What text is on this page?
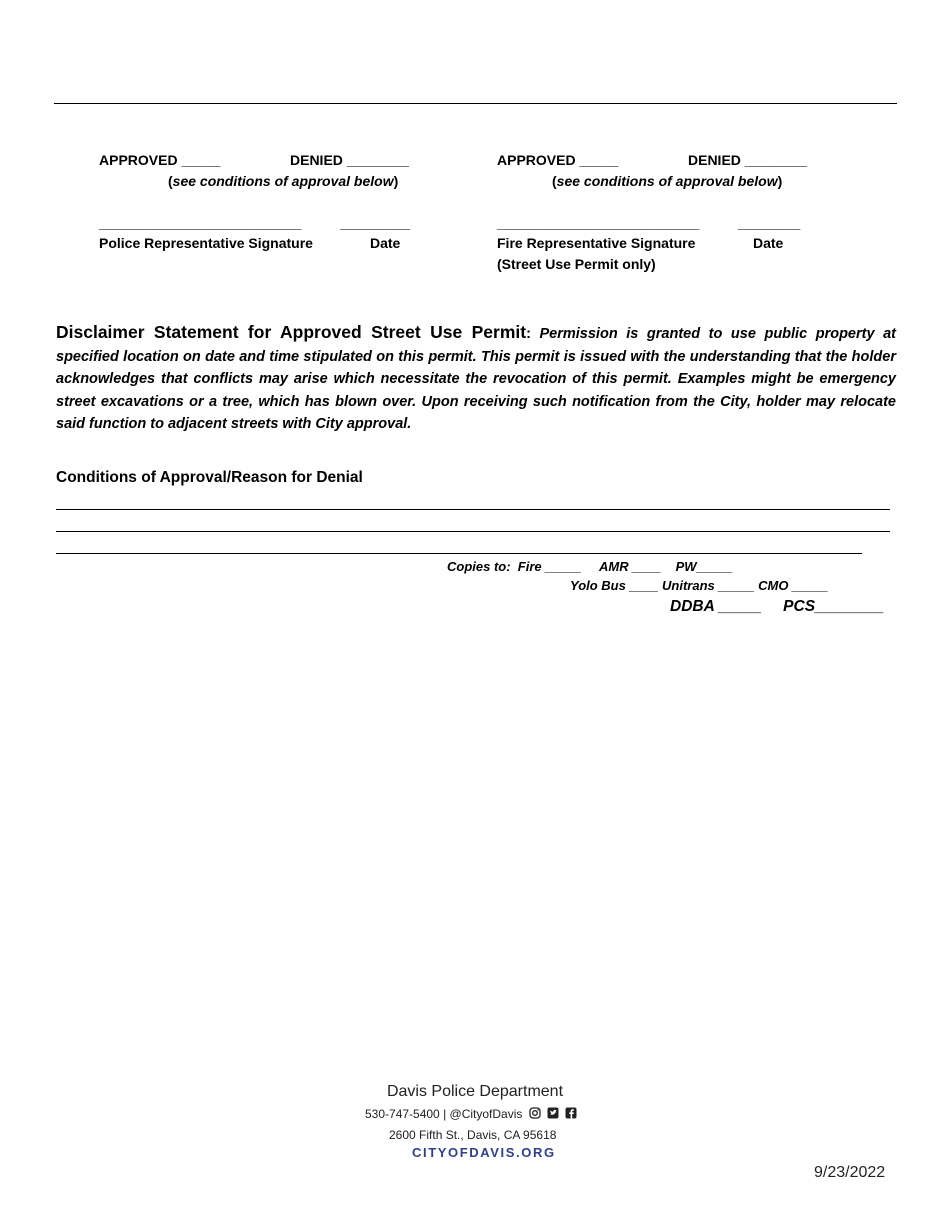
APPROVED _____	DENIED ________
(see conditions of approval below)
__________________________	_________
Police Representative Signature	Date
APPROVED _____	DENIED ________
(see conditions of approval below)
__________________________	________
Fire Representative Signature	Date
(Street Use Permit only)
Disclaimer Statement for Approved Street Use Permit: Permission is granted to use public property at specified location on date and time stipulated on this permit. This permit is issued with the understanding that the holder acknowledges that conflicts may arise which necessitate the revocation of this permit. Examples might be emergency street excavations or a tree, which has blown over. Upon receiving such notification from the City, holder may relocate said function to adjacent streets with City approval.
Conditions of Approval/Reason for Denial
Copies to: Fire _____ AMR ____ PW_____
Yolo Bus ____ Unitrans _____ CMO _____
DDBA _____ PCS________
Davis Police Department
530-747-5400 | @CityofDavis
2600 Fifth St., Davis, CA 95618
CITYOFDAVIS.ORG
9/23/2022
